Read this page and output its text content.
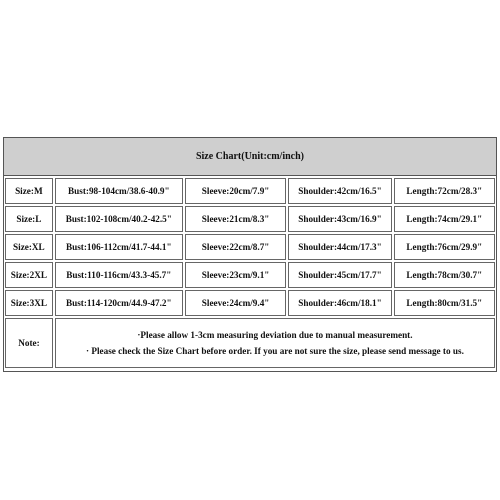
Size Chart(Unit:cm/inch)
Size:M	Bust:98-104cm/38.6-40.9"	Sleeve:20cm/7.9"	Shoulder:42cm/16.5"	Length:72cm/28.3"
Size:L	Bust:102-108cm/40.2-42.5"	Sleeve:21cm/8.3"	Shoulder:43cm/16.9"	Length:74cm/29.1"
Size:XL	Bust:106-112cm/41.7-44.1"	Sleeve:22cm/8.7"	Shoulder:44cm/17.3"	Length:76cm/29.9"
Size:2XL	Bust:110-116cm/43.3-45.7"	Sleeve:23cm/9.1"	Shoulder:45cm/17.7"	Length:78cm/30.7"
Size:3XL	Bust:114-120cm/44.9-47.2"	Sleeve:24cm/9.4"	Shoulder:46cm/18.1"	Length:80cm/31.5"
Note:
·Please allow 1-3cm measuring deviation due to manual measurement.
· Please check the Size Chart before order. If you are not sure the size, please send message to us.
